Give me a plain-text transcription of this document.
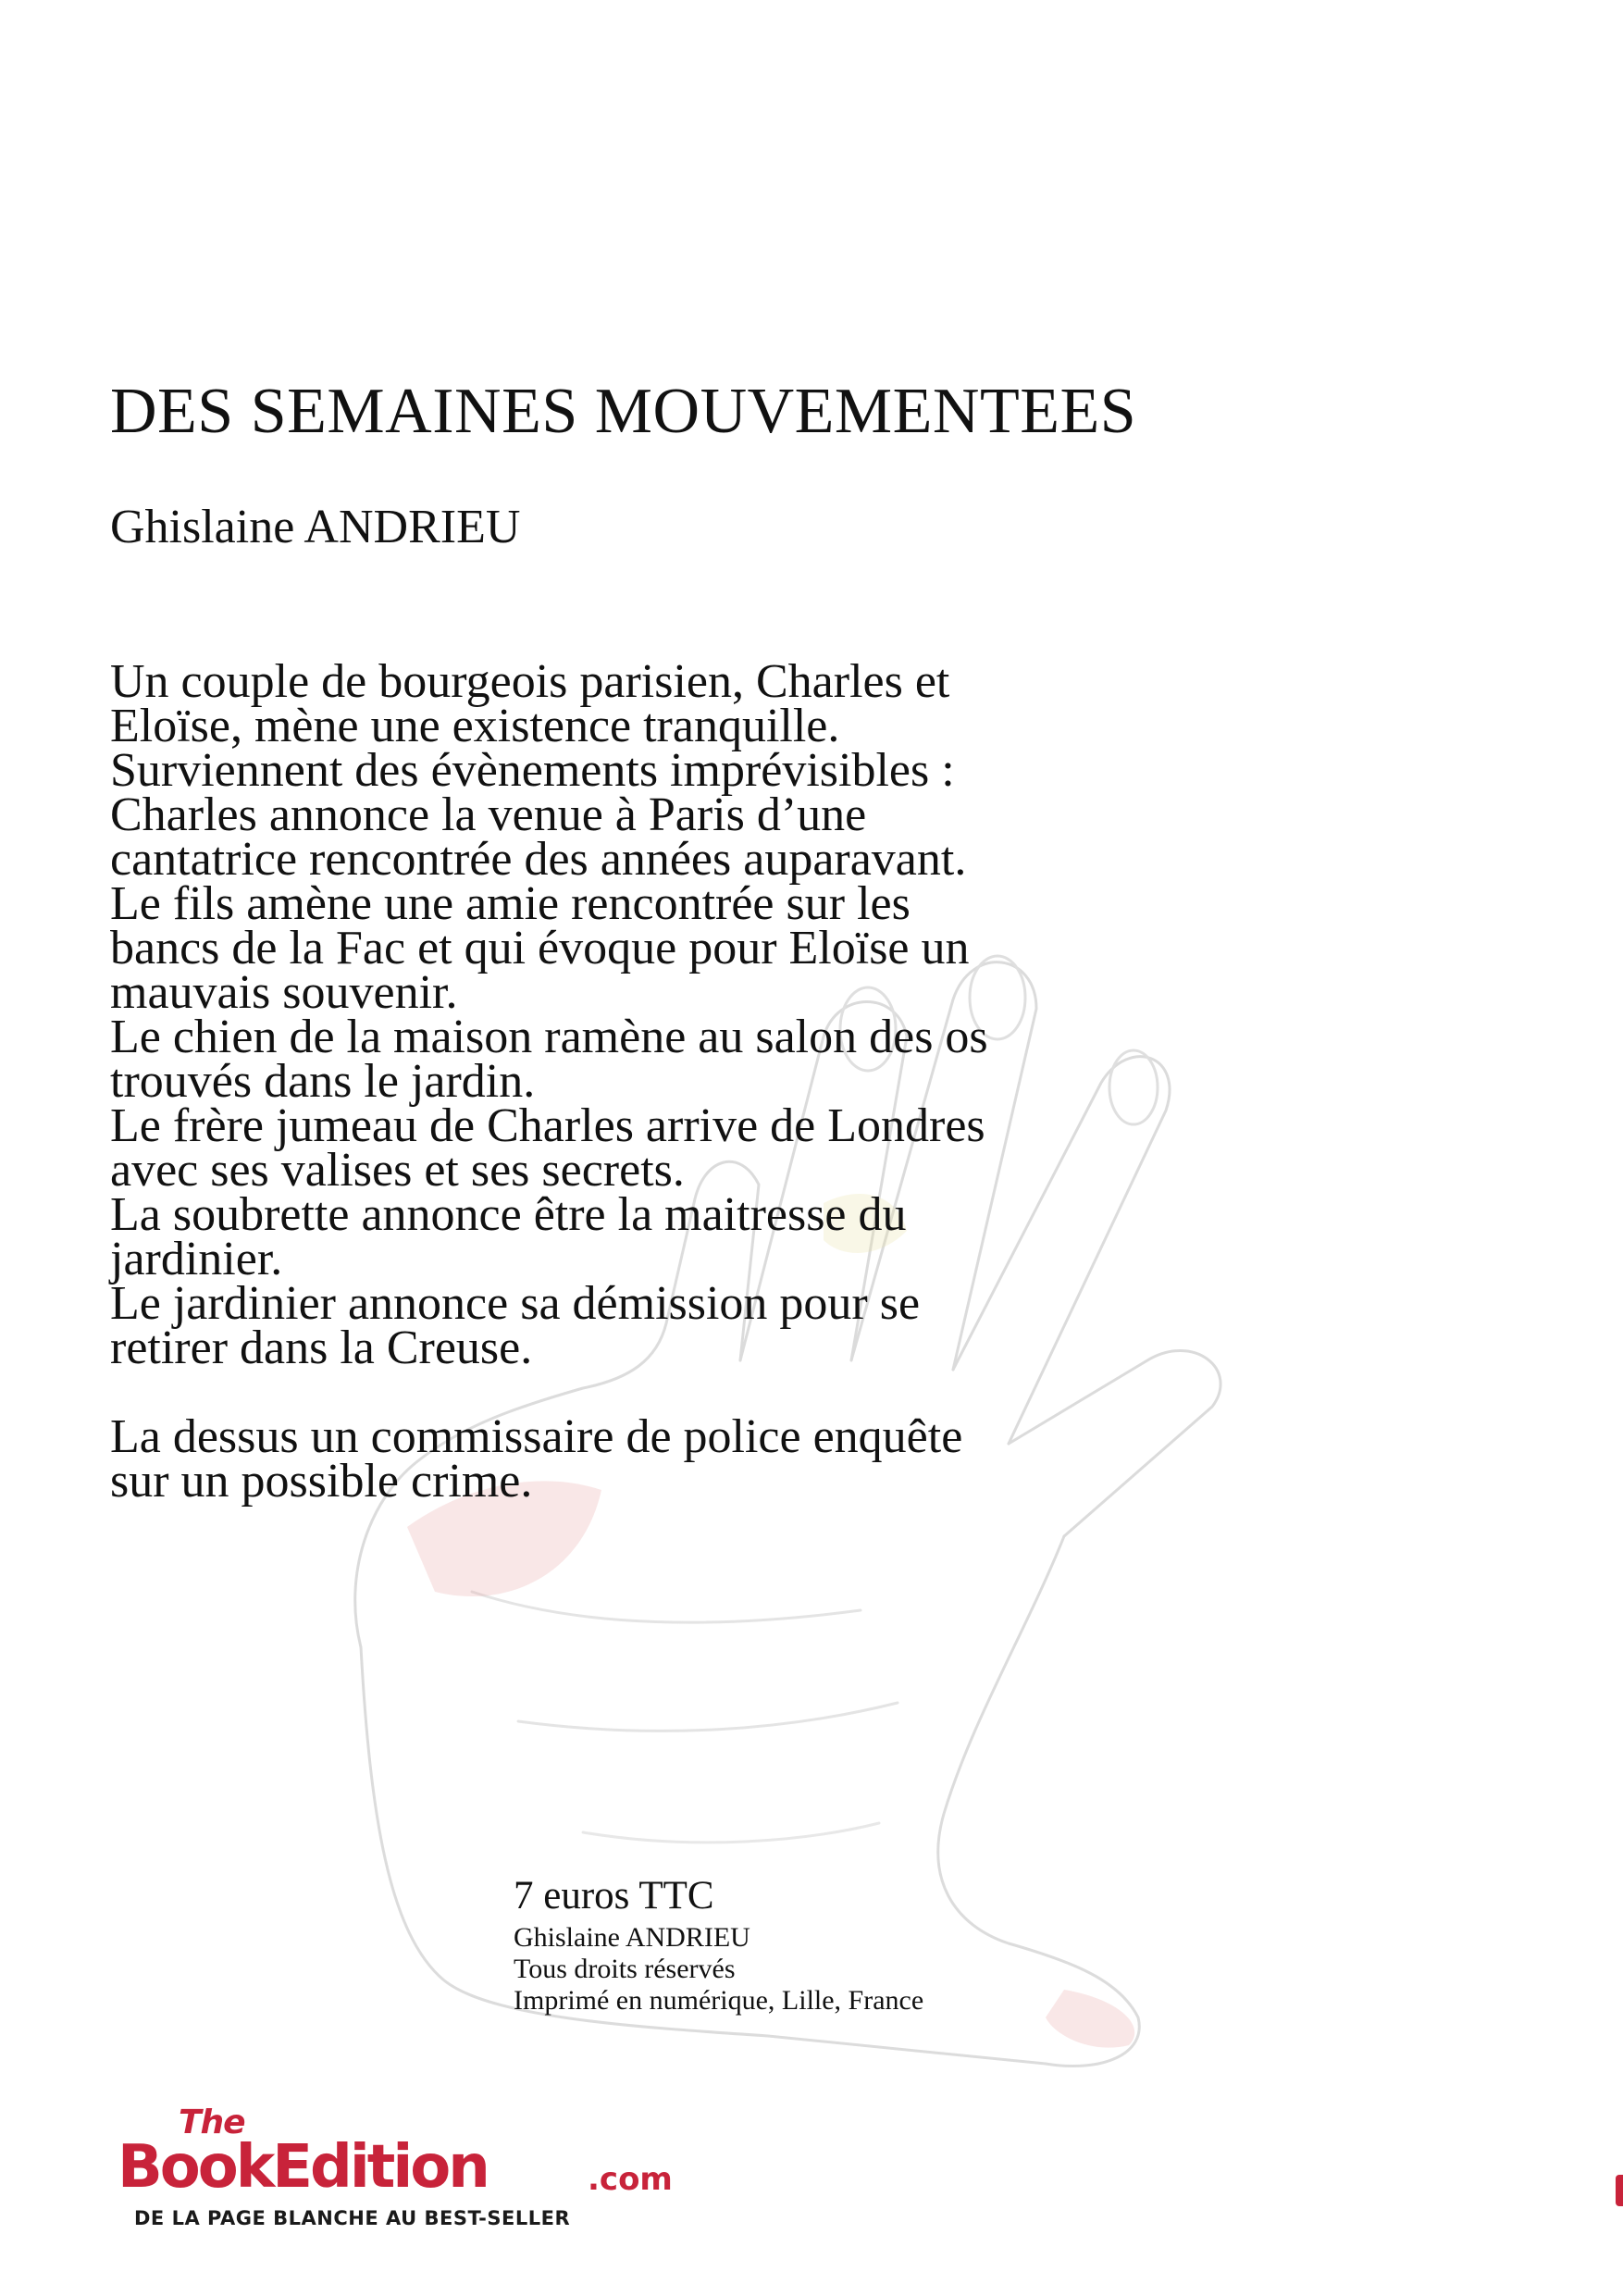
DES SEMAINES MOUVEMENTEES
Ghislaine ANDRIEU
Un couple de bourgeois parisien, Charles et
Eloïse, mène une existence tranquille.
Surviennent des évènements imprévisibles :
Charles annonce la venue à Paris d’une
cantatrice rencontrée des années auparavant.
Le fils amène une amie rencontrée sur les
bancs de la Fac et qui évoque pour Eloïse un
mauvais souvenir.
Le chien de la maison ramène au salon des os
trouvés dans le jardin.
Le frère jumeau de Charles arrive de Londres
avec ses valises et ses secrets.
La soubrette annonce être la maitresse du
jardinier.
Le jardinier annonce sa démission pour se
retirer dans la Creuse.
La dessus un commissaire de police enquête
sur un possible crime.
7 euros TTC
Ghislaine ANDRIEU
Tous droits réservés
Imprimé en numérique, Lille, France
The
BookEdition	.com
DE LA PAGE BLANCHE AU BEST-SELLER
